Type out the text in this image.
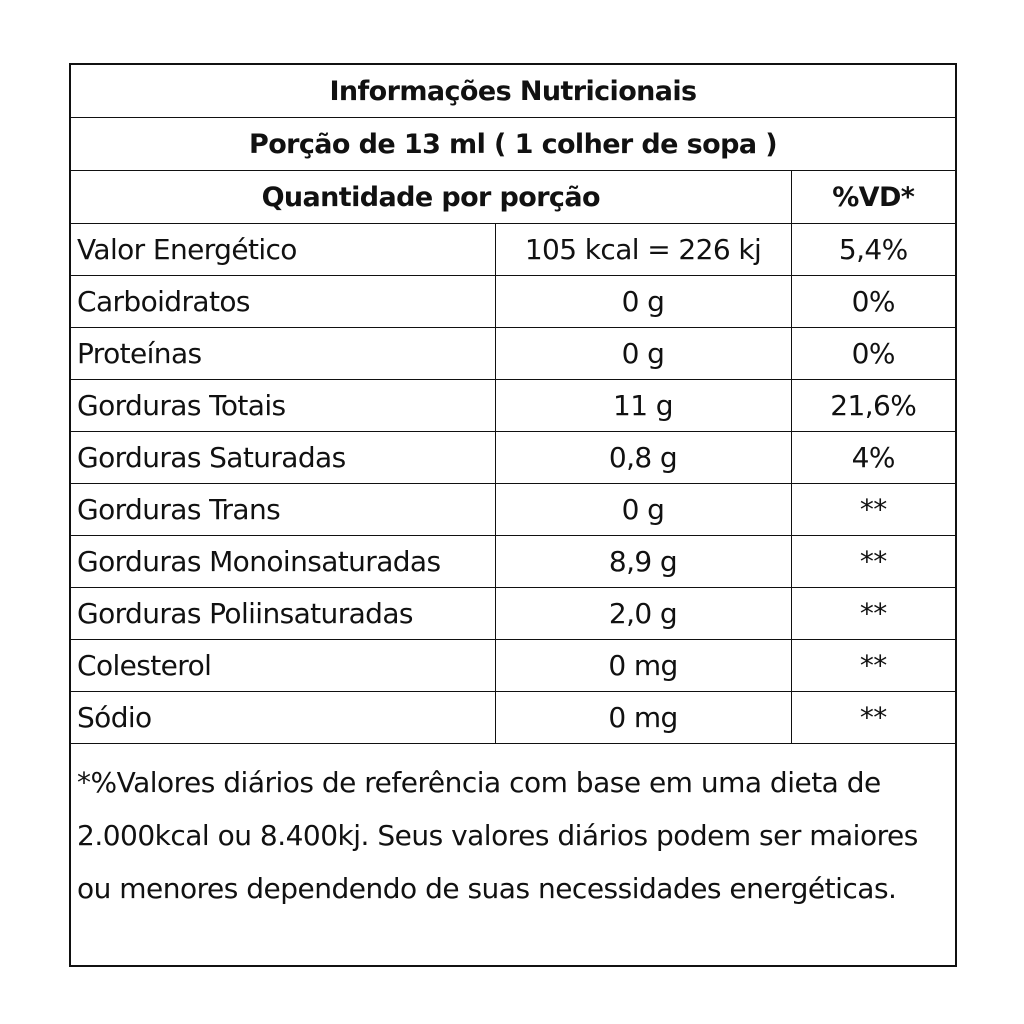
Informações Nutricionais		
Porção de 13 ml ( 1 colher de sopa )		
Quantidade por porção		%VD*
Valor Energético	105 kcal = 226 kj	5,4%
Carboidratos	0 g	0%
Proteínas	0 g	0%
Gorduras Totais	11 g	21,6%
Gorduras Saturadas	0,8 g	4%
Gorduras Trans	0 g	**
Gorduras Monoinsaturadas	8,9 g	**
Gorduras Poliinsaturadas	2,0 g	**
Colesterol	0 mg	**
Sódio	0 mg	**
*%Valores diários de referência com base em uma dieta de 2.000kcal ou 8.400kj. Seus valores diários podem ser maiores ou menores dependendo de suas necessidades energéticas.
